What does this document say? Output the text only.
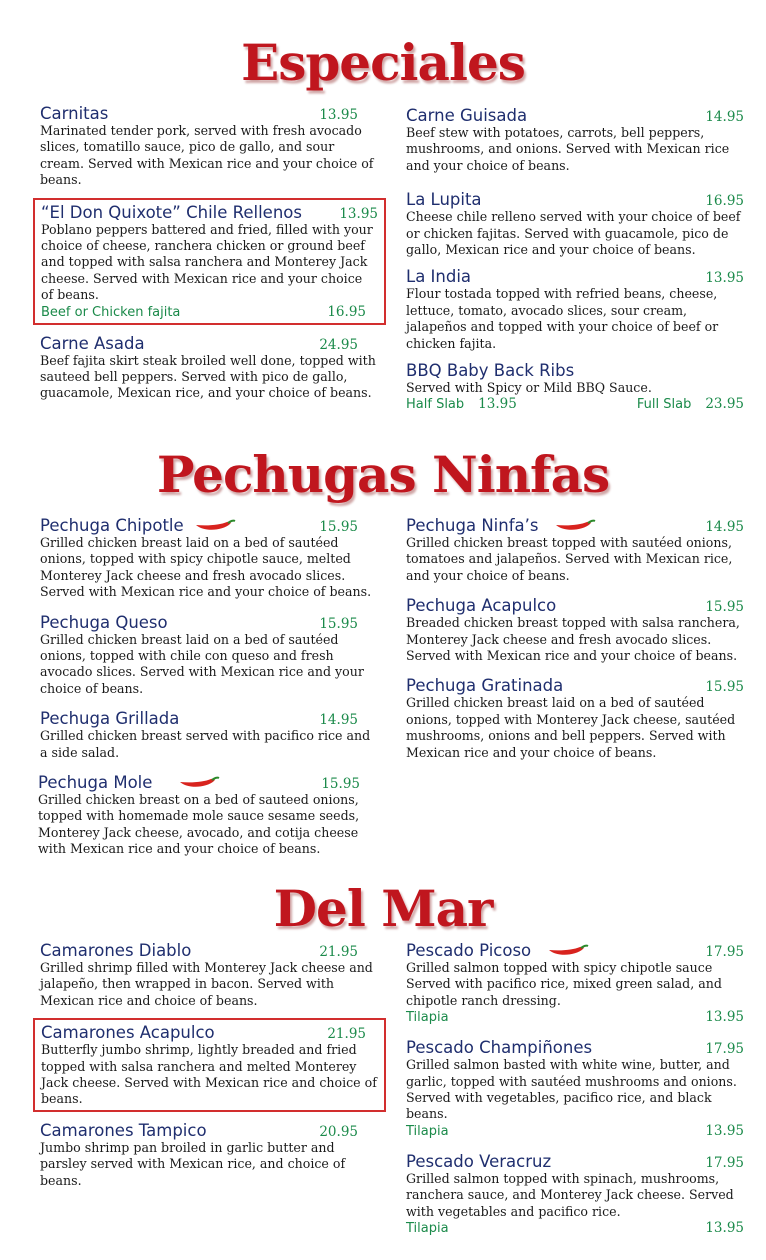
Especiales
Carnitas	13.95

Marinated tender pork, served with fresh avocado slices, tomatillo sauce, pico de gallo, and sour cream. Served with Mexican rice and your choice of beans.

“El Don Quixote” Chile Rellenos	13.95

Poblano peppers battered and fried, filled with your choice of cheese, ranchera chicken or ground beef and topped with salsa ranchera and Monterey Jack cheese. Served with Mexican rice and your choice of beans.

Beef or Chicken fajita	16.95
Carne Asada	24.95

Beef fajita skirt steak broiled well done, topped with sauteed bell peppers. Served with pico de gallo, guacamole, Mexican rice, and your choice of beans.

Carne Guisada	14.95

Beef stew with potatoes, carrots, bell peppers, mushrooms, and onions. Served with Mexican rice and your choice of beans.

La Lupita	16.95

Cheese chile relleno served with your choice of beef or chicken fajitas. Served with guacamole, pico de gallo, Mexican rice and your choice of beans.

La India	13.95

Flour tostada topped with refried beans, cheese, lettuce, tomato, avocado slices, sour cream, jalapeños and topped with your choice of beef or chicken fajita.

BBQ Baby Back Ribs

Served with Spicy or Mild BBQ Sauce.

Half Slab 13.95	Full Slab 23.95
Pechugas Ninfas
Pechuga Chipotle	15.95

Grilled chicken breast laid on a bed of sautéed onions, topped with spicy chipotle sauce, melted Monterey Jack cheese and fresh avocado slices. Served with Mexican rice and your choice of beans.

Pechuga Queso	15.95

Grilled chicken breast laid on a bed of sautéed onions, topped with chile con queso and fresh avocado slices. Served with Mexican rice and your choice of beans.

Pechuga Grillada	14.95

Grilled chicken breast served with pacifico rice and a side salad.

Pechuga Mole	15.95

Grilled chicken breast on a bed of sauteed onions, topped with homemade mole sauce sesame seeds, Monterey Jack cheese, avocado, and cotija cheese with Mexican rice and your choice of beans.

Pechuga Ninfa’s	14.95

Grilled chicken breast topped with sautéed onions, tomatoes and jalapeños. Served with Mexican rice, and your choice of beans.

Pechuga Acapulco	15.95

Breaded chicken breast topped with salsa ranchera, Monterey Jack cheese and fresh avocado slices. Served with Mexican rice and your choice of beans.

Pechuga Gratinada	15.95

Grilled chicken breast laid on a bed of sautéed onions, topped with Monterey Jack cheese, sautéed mushrooms, onions and bell peppers. Served with Mexican rice and your choice of beans.

Del Mar
Camarones Diablo	21.95

Grilled shrimp filled with Monterey Jack cheese and jalapeño, then wrapped in bacon. Served with Mexican rice and choice of beans.

Camarones Acapulco	21.95

Butterfly jumbo shrimp, lightly breaded and fried topped with salsa ranchera and melted Monterey Jack cheese. Served with Mexican rice and choice of beans.

Camarones Tampico	20.95

Jumbo shrimp pan broiled in garlic butter and parsley served with Mexican rice, and choice of beans.

Pescado Picoso	17.95

Grilled salmon topped with spicy chipotle sauce Served with pacifico rice, mixed green salad, and chipotle ranch dressing.

Tilapia	13.95
Pescado Champiñones	17.95

Grilled salmon basted with white wine, butter, and garlic, topped with sautéed mushrooms and onions. Served with vegetables, pacifico rice, and black beans.

Tilapia	13.95
Pescado Veracruz	17.95

Grilled salmon topped with spinach, mushrooms, ranchera sauce, and Monterey Jack cheese. Served with vegetables and pacifico rice.

Tilapia	13.95
